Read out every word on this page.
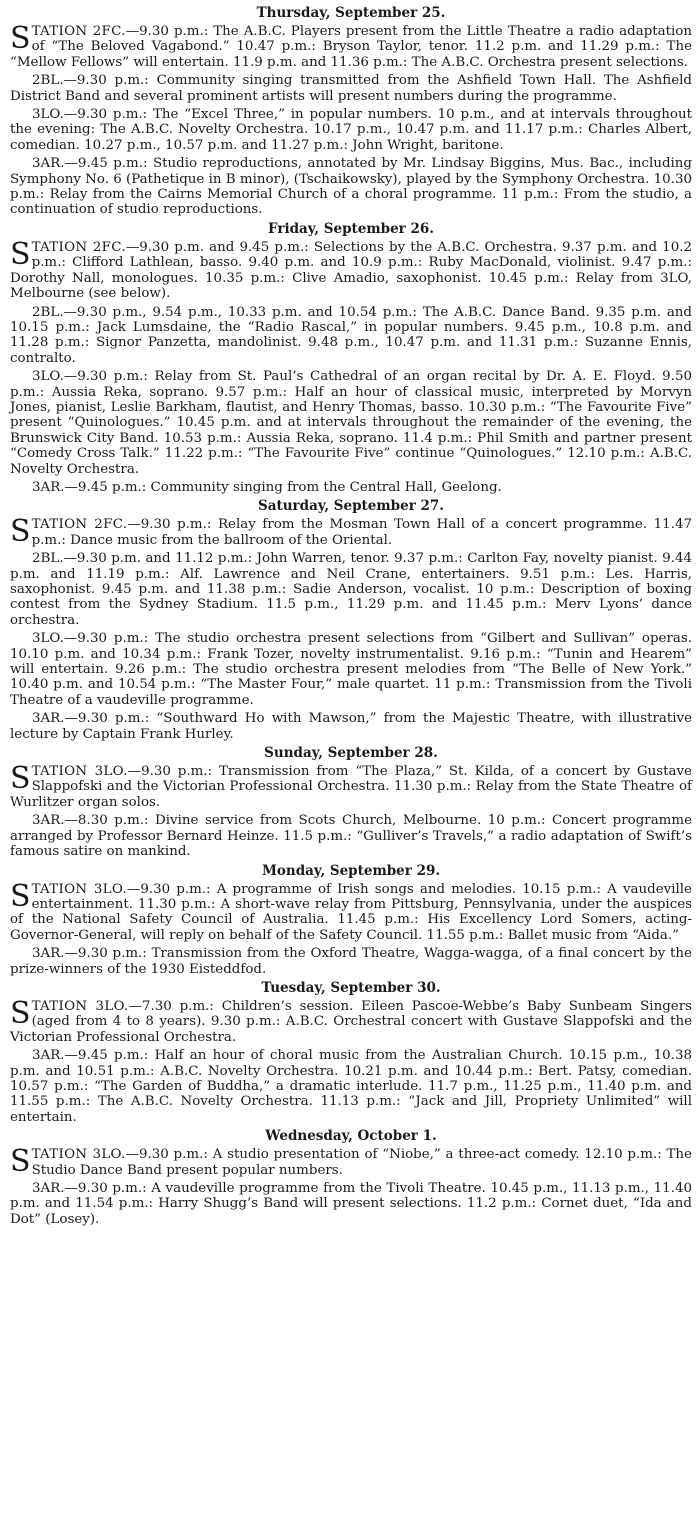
Thursday, September 25.

STATION 2FC.—9.30 p.m.: The A.B.C. Players present from the Little Theatre a radio adaptation of “The Beloved Vagabond.” 10.47 p.m.: Bryson Taylor, tenor. 11.2 p.m. and 11.29 p.m.: The “Mellow Fellows” will entertain. 11.9 p.m. and 11.36 p.m.: The A.B.C. Orchestra present selections.

2BL.—9.30 p.m.: Community singing transmitted from the Ashfield Town Hall. The Ashfield District Band and several prominent artists will present numbers during the programme.

3LO.—9.30 p.m.: The “Excel Three,” in popular numbers. 10 p.m., and at intervals throughout the evening: The A.B.C. Novelty Orchestra. 10.17 p.m., 10.47 p.m. and 11.17 p.m.: Charles Albert, comedian. 10.27 p.m., 10.57 p.m. and 11.27 p.m.: John Wright, baritone.

3AR.—9.45 p.m.: Studio reproductions, annotated by Mr. Lindsay Biggins, Mus. Bac., including Symphony No. 6 (Pathetique in B minor), (Tschaikowsky), played by the Symphony Orchestra. 10.30 p.m.: Relay from the Cairns Memorial Church of a choral programme. 11 p.m.: From the studio, a continuation of studio reproductions.

Friday, September 26.

STATION 2FC.—9.30 p.m. and 9.45 p.m.: Selections by the A.B.C. Orchestra. 9.37 p.m. and 10.2 p.m.: Clifford Lathlean, basso. 9.40 p.m. and 10.9 p.m.: Ruby MacDonald, violinist. 9.47 p.m.: Dorothy Nall, monologues. 10.35 p.m.: Clive Amadio, saxophonist. 10.45 p.m.: Relay from 3LO, Melbourne (see below).

2BL.—9.30 p.m., 9.54 p.m., 10.33 p.m. and 10.54 p.m.: The A.B.C. Dance Band. 9.35 p.m. and 10.15 p.m.: Jack Lumsdaine, the “Radio Rascal,” in popular numbers. 9.45 p.m., 10.8 p.m. and 11.28 p.m.: Signor Panzetta, mandolinist. 9.48 p.m., 10.47 p.m. and 11.31 p.m.: Suzanne Ennis, contralto.

3LO.—9.30 p.m.: Relay from St. Paul’s Cathedral of an organ recital by Dr. A. E. Floyd. 9.50 p.m.: Aussia Reka, soprano. 9.57 p.m.: Half an hour of classical music, interpreted by Morvyn Jones, pianist, Leslie Barkham, flautist, and Henry Thomas, basso. 10.30 p.m.: “The Favourite Five” present “Quinologues.” 10.45 p.m. and at intervals throughout the remainder of the evening, the Brunswick City Band. 10.53 p.m.: Aussia Reka, soprano. 11.4 p.m.: Phil Smith and partner present “Comedy Cross Talk.” 11.22 p.m.: “The Favourite Five” continue “Quinologues.” 12.10 p.m.: A.B.C. Novelty Orchestra.

3AR.—9.45 p.m.: Community singing from the Central Hall, Geelong.

Saturday, September 27.

STATION 2FC.—9.30 p.m.: Relay from the Mosman Town Hall of a concert programme. 11.47 p.m.: Dance music from the ballroom of the Oriental.

2BL.—9.30 p.m. and 11.12 p.m.: John Warren, tenor. 9.37 p.m.: Carlton Fay, novelty pianist. 9.44 p.m. and 11.19 p.m.: Alf. Lawrence and Neil Crane, entertainers. 9.51 p.m.: Les. Harris, saxophonist. 9.45 p.m. and 11.38 p.m.: Sadie Anderson, vocalist. 10 p.m.: Description of boxing contest from the Sydney Stadium. 11.5 p.m., 11.29 p.m. and 11.45 p.m.: Merv Lyons’ dance orchestra.

3LO.—9.30 p.m.: The studio orchestra present selections from “Gilbert and Sullivan” operas. 10.10 p.m. and 10.34 p.m.: Frank Tozer, novelty instrumentalist. 9.16 p.m.: “Tunin and Hearem” will entertain. 9.26 p.m.: The studio orchestra present melodies from “The Belle of New York.” 10.40 p.m. and 10.54 p.m.: “The Master Four,” male quartet. 11 p.m.: Transmission from the Tivoli Theatre of a vaudeville programme.

3AR.—9.30 p.m.: “Southward Ho with Mawson,” from the Majestic Theatre, with illustrative lecture by Captain Frank Hurley.

Sunday, September 28.

STATION 3LO.—9.30 p.m.: Transmission from “The Plaza,” St. Kilda, of a concert by Gustave Slappofski and the Victorian Professional Orchestra. 11.30 p.m.: Relay from the State Theatre of Wurlitzer organ solos.

3AR.—8.30 p.m.: Divine service from Scots Church, Melbourne. 10 p.m.: Concert programme arranged by Professor Bernard Heinze. 11.5 p.m.: “Gulliver’s Travels,” a radio adaptation of Swift’s famous satire on mankind.

Monday, September 29.

STATION 3LO.—9.30 p.m.: A programme of Irish songs and melodies. 10.15 p.m.: A vaudeville entertainment. 11.30 p.m.: A short-wave relay from Pittsburg, Pennsylvania, under the auspices of the National Safety Council of Australia. 11.45 p.m.: His Excellency Lord Somers, acting-Governor-General, will reply on behalf of the Safety Council. 11.55 p.m.: Ballet music from “Aida.”

3AR.—9.30 p.m.: Transmission from the Oxford Theatre, Wagga-wagga, of a final concert by the prize-winners of the 1930 Eisteddfod.

Tuesday, September 30.

STATION 3LO.—7.30 p.m.: Children’s session. Eileen Pascoe-Webbe’s Baby Sunbeam Singers (aged from 4 to 8 years). 9.30 p.m.: A.B.C. Orchestral concert with Gustave Slappofski and the Victorian Professional Orchestra.

3AR.—9.45 p.m.: Half an hour of choral music from the Australian Church. 10.15 p.m., 10.38 p.m. and 10.51 p.m.: A.B.C. Novelty Orchestra. 10.21 p.m. and 10.44 p.m.: Bert. Patsy, comedian. 10.57 p.m.: “The Garden of Buddha,” a dramatic interlude. 11.7 p.m., 11.25 p.m., 11.40 p.m. and 11.55 p.m.: The A.B.C. Novelty Orchestra. 11.13 p.m.: “Jack and Jill, Propriety Unlimited” will entertain.

Wednesday, October 1.

STATION 3LO.—9.30 p.m.: A studio presentation of “Niobe,” a three-act comedy. 12.10 p.m.: The Studio Dance Band present popular numbers.

3AR.—9.30 p.m.: A vaudeville programme from the Tivoli Theatre. 10.45 p.m., 11.13 p.m., 11.40 p.m. and 11.54 p.m.: Harry Shugg’s Band will present selections. 11.2 p.m.: Cornet duet, “Ida and Dot” (Losey).
